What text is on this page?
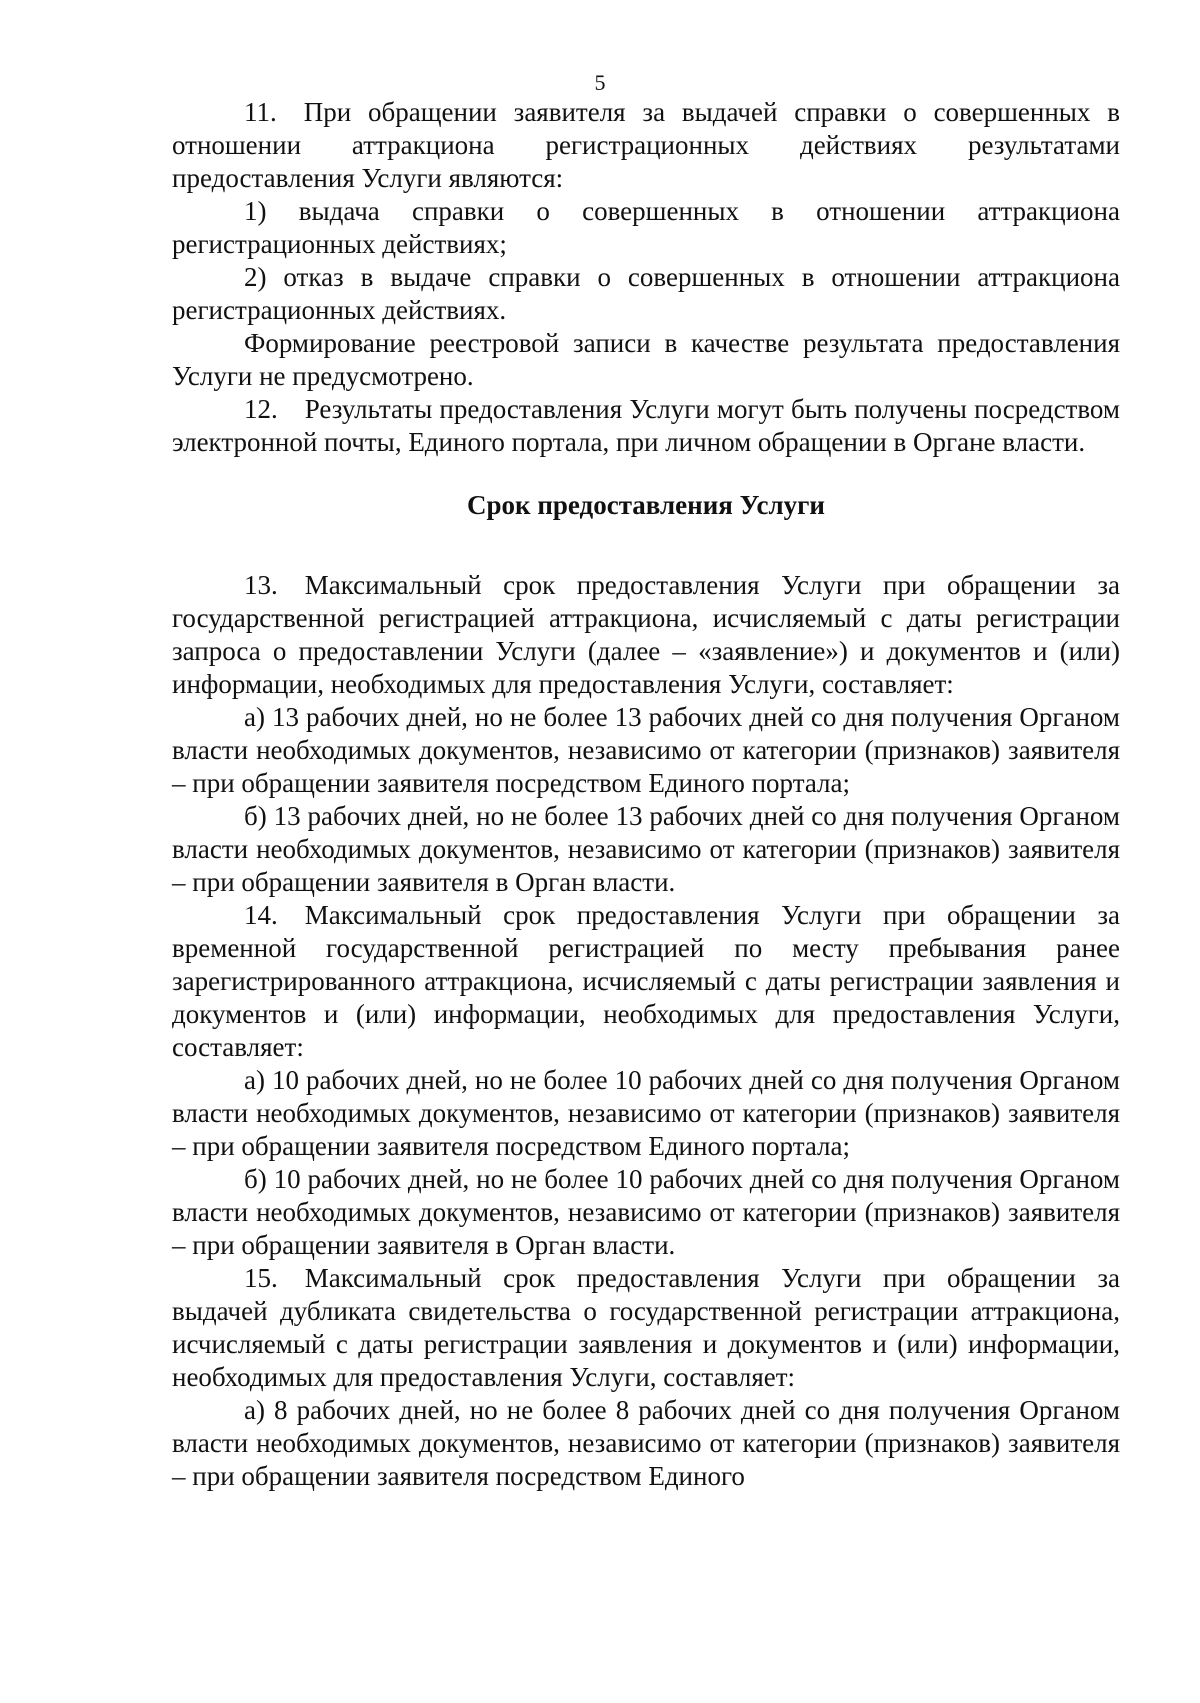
5

11. При обращении заявителя за выдачей справки о совершенных в отношении аттракциона регистрационных действиях результатами предоставления Услуги являются:

1) выдача справки о совершенных в отношении аттракциона регистрационных действиях;

2) отказ в выдаче справки о совершенных в отношении аттракциона регистрационных действиях.

Формирование реестровой записи в качестве результата предоставления Услуги не предусмотрено.

12. Результаты предоставления Услуги могут быть получены посредством электронной почты, Единого портала, при личном обращении в Органе власти.

Срок предоставления Услуги

13. Максимальный срок предоставления Услуги при обращении за государственной регистрацией аттракциона, исчисляемый с даты регистрации запроса о предоставлении Услуги (далее – «заявление») и документов и (или) информации, необходимых для предоставления Услуги, составляет:

а) 13 рабочих дней, но не более 13 рабочих дней со дня получения Органом власти необходимых документов, независимо от категории (признаков) заявителя – при обращении заявителя посредством Единого портала;

б) 13 рабочих дней, но не более 13 рабочих дней со дня получения Органом власти необходимых документов, независимо от категории (признаков) заявителя – при обращении заявителя в Орган власти.

14. Максимальный срок предоставления Услуги при обращении за временной государственной регистрацией по месту пребывания ранее зарегистрированного аттракциона, исчисляемый с даты регистрации заявления и документов и (или) информации, необходимых для предоставления Услуги, составляет:

а) 10 рабочих дней, но не более 10 рабочих дней со дня получения Органом власти необходимых документов, независимо от категории (признаков) заявителя – при обращении заявителя посредством Единого портала;

б) 10 рабочих дней, но не более 10 рабочих дней со дня получения Органом власти необходимых документов, независимо от категории (признаков) заявителя – при обращении заявителя в Орган власти.

15. Максимальный срок предоставления Услуги при обращении за выдачей дубликата свидетельства о государственной регистрации аттракциона, исчисляемый с даты регистрации заявления и документов и (или) информации, необходимых для предоставления Услуги, составляет:

а) 8 рабочих дней, но не более 8 рабочих дней со дня получения Органом власти необходимых документов, независимо от категории (признаков) заявителя – при обращении заявителя посредством Единого
